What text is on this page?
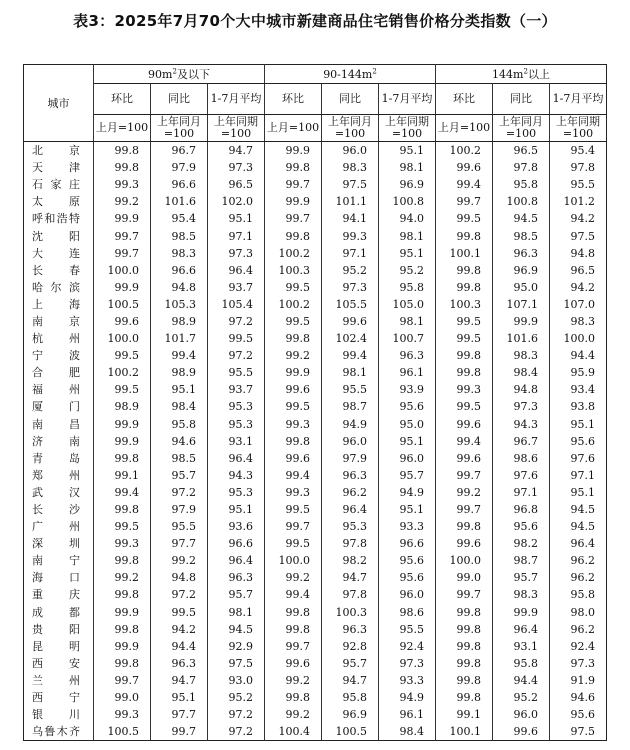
表3：2025年7月70个大中城市新建商品住宅销售价格分类指数（一）
城市	$90m^2$及以下			$90-144m^2$			$144m^2$以上		
	环比	同比	1-7月平均	环比	同比	1-7月平均	环比	同比	1-7月平均
	上月=100	上年同月=100	上年同期=100	上月=100	上年同月=100	上年同期=100	上月=100	上年同月=100	上年同期=100
北京	99.8	96.7	94.7	99.9	96.0	95.1	100.2	96.5	95.4
天津	99.8	97.9	97.3	99.8	98.3	98.1	99.6	97.8	97.8
石家庄	99.3	96.6	96.5	99.7	97.5	96.9	99.4	95.8	95.5
太原	99.2	101.6	102.0	99.9	101.1	100.8	99.7	100.8	101.2
呼和浩特	99.9	95.4	95.1	99.7	94.1	94.0	99.5	94.5	94.2
沈阳	99.7	98.5	97.1	99.8	99.3	98.1	99.8	98.5	97.5
大连	99.7	98.3	97.3	100.2	97.1	95.1	100.1	96.3	94.8
长春	100.0	96.6	96.4	100.3	95.2	95.2	99.8	96.9	96.5
哈尔滨	99.9	94.8	93.7	99.5	97.3	95.8	99.8	95.0	94.2
上海	100.5	105.3	105.4	100.2	105.5	105.0	100.3	107.1	107.0
南京	99.6	98.9	97.2	99.5	99.6	98.1	99.5	99.9	98.3
杭州	100.0	101.7	99.5	99.8	102.4	100.7	99.5	101.6	100.0
宁波	99.5	99.4	97.2	99.2	99.4	96.3	99.8	98.3	94.4
合肥	100.2	98.9	95.5	99.9	98.1	96.1	99.8	98.4	95.9
福州	99.5	95.1	93.7	99.6	95.5	93.9	99.3	94.8	93.4
厦门	98.9	98.4	95.3	99.5	98.7	95.6	99.5	97.3	93.8
南昌	99.9	95.8	95.3	99.3	94.9	95.0	99.6	94.3	95.1
济南	99.9	94.6	93.1	99.8	96.0	95.1	99.4	96.7	95.6
青岛	99.8	98.5	96.4	99.6	97.9	96.0	99.6	98.6	97.6
郑州	99.1	95.7	94.3	99.4	96.3	95.7	99.7	97.6	97.1
武汉	99.4	97.2	95.3	99.3	96.2	94.9	99.2	97.1	95.1
长沙	99.8	97.9	95.1	99.5	96.4	95.1	99.7	96.8	94.5
广州	99.5	95.5	93.6	99.7	95.3	93.3	99.8	95.6	94.5
深圳	99.3	97.7	96.6	99.5	97.8	96.6	99.6	98.2	96.4
南宁	99.8	99.2	96.4	100.0	98.2	95.6	100.0	98.7	96.2
海口	99.2	94.8	96.3	99.2	94.7	95.6	99.0	95.7	96.2
重庆	99.8	97.2	95.7	99.4	97.8	96.0	99.7	98.3	95.8
成都	99.9	99.5	98.1	99.8	100.3	98.6	99.8	99.9	98.0
贵阳	99.8	94.2	94.5	99.8	96.3	95.5	99.8	96.4	96.2
昆明	99.9	94.4	92.9	99.7	92.8	92.4	99.8	93.1	92.4
西安	99.8	96.3	97.5	99.6	95.7	97.3	99.8	95.8	97.3
兰州	99.7	94.7	93.0	99.2	94.7	93.3	99.8	94.4	91.9
西宁	99.0	95.1	95.2	99.8	95.8	94.9	99.8	95.2	94.6
银川	99.3	97.7	97.2	99.2	96.9	96.1	99.1	96.0	95.6
乌鲁木齐	100.5	99.7	97.2	100.4	100.5	98.4	100.1	99.6	97.5
